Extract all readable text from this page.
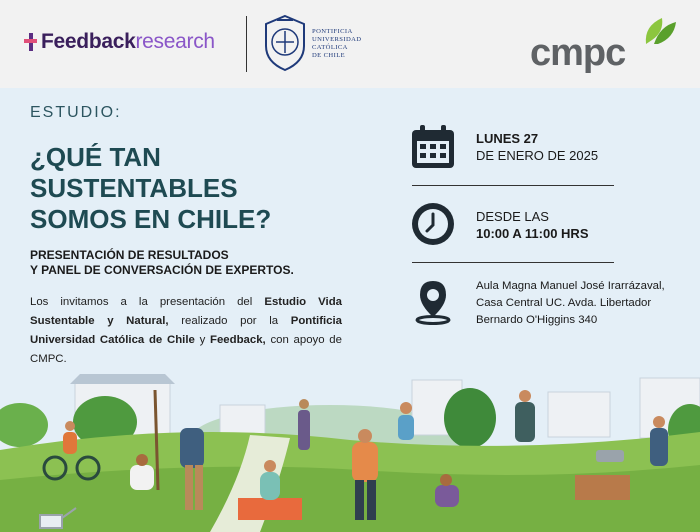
Feedback research	PONTIFICIA
UNIVERSIDAD
CATÓLICA
DE CHILE	cmpc
ESTUDIO:
¿QUÉ TAN
SUSTENTABLES
SOMOS EN CHILE?
PRESENTACIÓN DE RESULTADOS
Y PANEL DE CONVERSACIÓN DE EXPERTOS.
Los invitamos a la presentación del Estudio Vida Sustentable y Natural, realizado por la Pontificia Universidad Católica de Chile y Feedback, con apoyo de CMPC.
LUNES 27
DE ENERO DE 2025
DESDE LAS
10:00 A 11:00 HRS
Aula Magna Manuel José Irarrázaval,
Casa Central UC. Avda. Libertador
Bernardo O'Higgins 340
